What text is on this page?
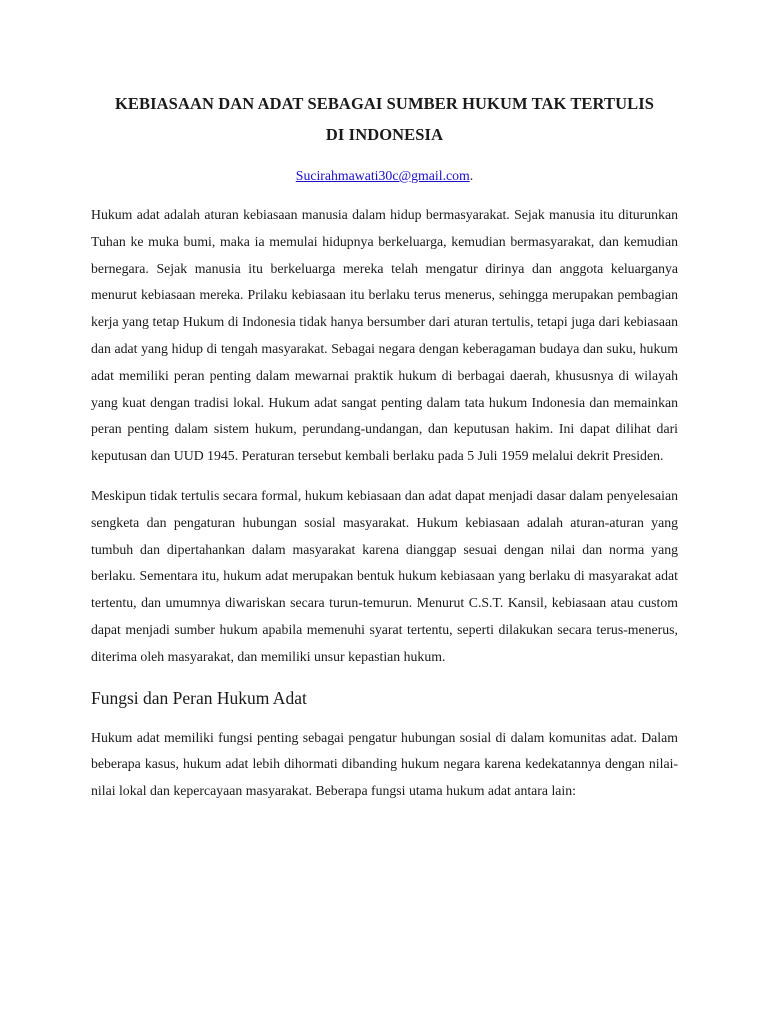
KEBIASAAN DAN ADAT SEBAGAI SUMBER HUKUM TAK TERTULIS
DI INDONESIA

Sucirahmawati30c@gmail.com.

Hukum adat adalah aturan kebiasaan manusia dalam hidup bermasyarakat. Sejak manusia itu diturunkan Tuhan ke muka bumi, maka ia memulai hidupnya berkeluarga, kemudian bermasyarakat, dan kemudian bernegara. Sejak manusia itu berkeluarga mereka telah mengatur dirinya dan anggota keluarganya menurut kebiasaan mereka. Prilaku kebiasaan itu berlaku terus menerus, sehingga merupakan pembagian kerja yang tetap Hukum di Indonesia tidak hanya bersumber dari aturan tertulis, tetapi juga dari kebiasaan dan adat yang hidup di tengah masyarakat. Sebagai negara dengan keberagaman budaya dan suku, hukum adat memiliki peran penting dalam mewarnai praktik hukum di berbagai daerah, khususnya di wilayah yang kuat dengan tradisi lokal. Hukum adat sangat penting dalam tata hukum Indonesia dan memainkan peran penting dalam sistem hukum, perundang-undangan, dan keputusan hakim. Ini dapat dilihat dari keputusan dan UUD 1945. Peraturan tersebut kembali berlaku pada 5 Juli 1959 melalui dekrit Presiden.

Meskipun tidak tertulis secara formal, hukum kebiasaan dan adat dapat menjadi dasar dalam penyelesaian sengketa dan pengaturan hubungan sosial masyarakat. Hukum kebiasaan adalah aturan-aturan yang tumbuh dan dipertahankan dalam masyarakat karena dianggap sesuai dengan nilai dan norma yang berlaku. Sementara itu, hukum adat merupakan bentuk hukum kebiasaan yang berlaku di masyarakat adat tertentu, dan umumnya diwariskan secara turun-temurun. Menurut C.S.T. Kansil, kebiasaan atau custom dapat menjadi sumber hukum apabila memenuhi syarat tertentu, seperti dilakukan secara terus-menerus, diterima oleh masyarakat, dan memiliki unsur kepastian hukum.

Fungsi dan Peran Hukum Adat

Hukum adat memiliki fungsi penting sebagai pengatur hubungan sosial di dalam komunitas adat. Dalam beberapa kasus, hukum adat lebih dihormati dibanding hukum negara karena kedekatannya dengan nilai-nilai lokal dan kepercayaan masyarakat. Beberapa fungsi utama hukum adat antara lain:
